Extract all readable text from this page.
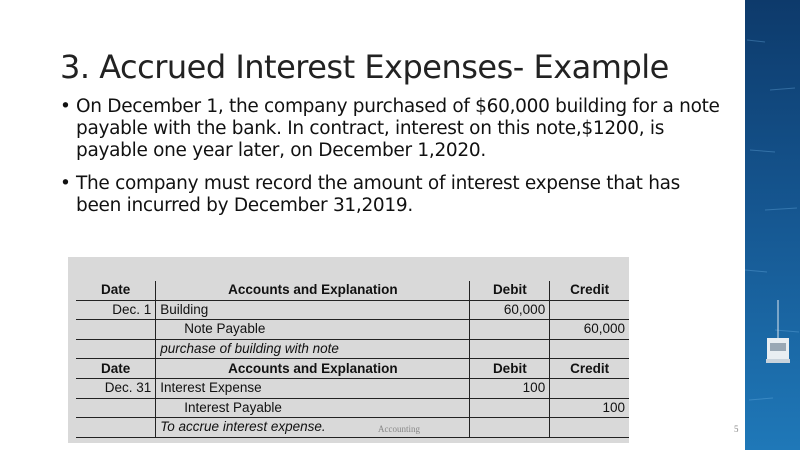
3. Accrued Interest Expenses- Example
• On December 1, the company purchased of $60,000 building for a note payable with the bank. In contract, interest on this note,$1200, is payable one year later, on December 1,2020.
• The company must record the amount of interest expense that has been incurred by December 31,2019.
Date	Accounts and Explanation	Debit	Credit
Dec. 1	Building	60,000	
	Note Payable		60,000
	purchase of building with note		
Date	Accounts and Explanation	Debit	Credit
Dec. 31	Interest Expense	100	
	Interest Payable		100
	To accrue interest expense.			Accounting	5
